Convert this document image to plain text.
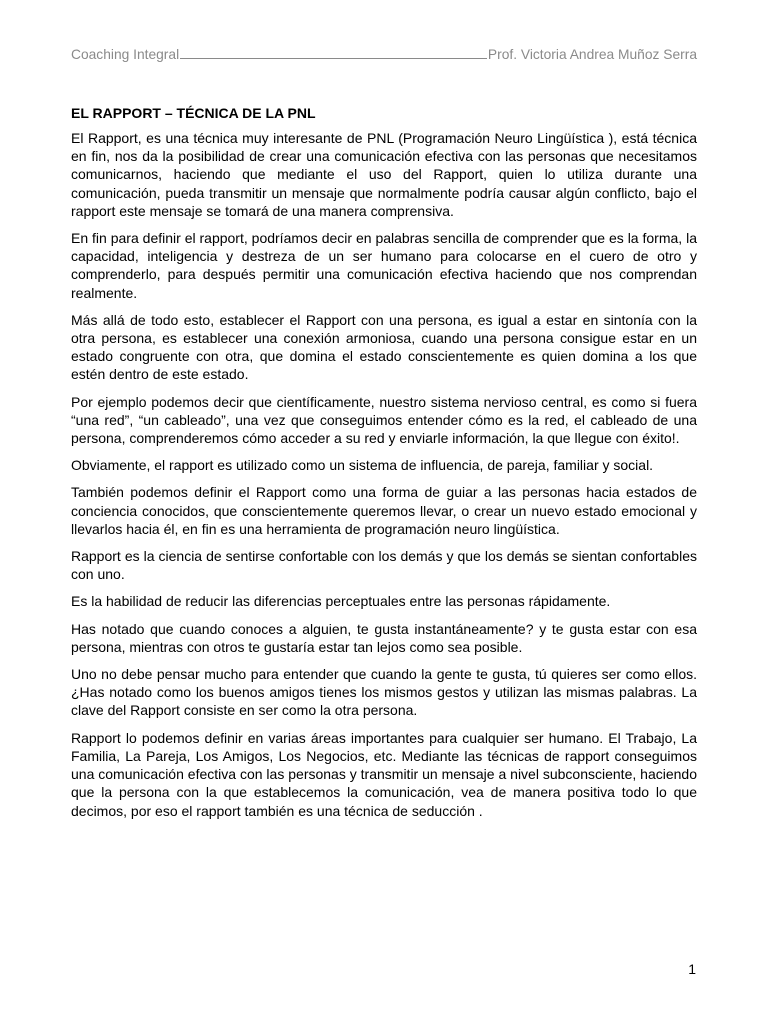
Coaching Integral	Prof. Victoria Andrea Muñoz Serra
EL RAPPORT – TÉCNICA DE LA PNL

El Rapport, es una técnica muy interesante de PNL (Programación Neuro Lingüística ), está técnica en fin, nos da la posibilidad de crear una comunicación efectiva con las personas que necesitamos comunicarnos, haciendo que mediante el uso del Rapport, quien lo utiliza durante una comunicación, pueda transmitir un mensaje que normalmente podría causar algún conflicto, bajo el rapport este mensaje se tomará de una manera comprensiva.

En fin para definir el rapport, podríamos decir en palabras sencilla de comprender que es la forma, la capacidad, inteligencia y destreza de un ser humano para colocarse en el cuero de otro y comprenderlo, para después permitir una comunicación efectiva haciendo que nos comprendan realmente.

Más allá de todo esto, establecer el Rapport con una persona, es igual a estar en sintonía con la otra persona, es establecer una conexión armoniosa, cuando una persona consigue estar en un estado congruente con otra, que domina el estado conscientemente es quien domina a los que estén dentro de este estado.

Por ejemplo podemos decir que científicamente, nuestro sistema nervioso central, es como si fuera “una red”, “un cableado”, una vez que conseguimos entender cómo es la red, el cableado de una persona, comprenderemos cómo acceder a su red y enviarle información, la que llegue con éxito!.

Obviamente, el rapport es utilizado como un sistema de influencia, de pareja, familiar y social.

También podemos definir el Rapport como una forma de guiar a las personas hacia estados de conciencia conocidos, que conscientemente queremos llevar, o crear un nuevo estado emocional y llevarlos hacia él, en fin es una herramienta de programación neuro lingüística.

Rapport es la ciencia de sentirse confortable con los demás y que los demás se sientan confortables con uno.

Es la habilidad de reducir las diferencias perceptuales entre las personas rápidamente.

Has notado que cuando conoces a alguien, te gusta instantáneamente? y te gusta estar con esa persona, mientras con otros te gustaría estar tan lejos como sea posible.

Uno no debe pensar mucho para entender que cuando la gente te gusta, tú quieres ser como ellos. ¿Has notado como los buenos amigos tienes los mismos gestos y utilizan las mismas palabras. La clave del Rapport consiste en ser como la otra persona.

Rapport lo podemos definir en varias áreas importantes para cualquier ser humano. El Trabajo, La Familia, La Pareja, Los Amigos, Los Negocios, etc. Mediante las técnicas de rapport conseguimos una comunicación efectiva con las personas y transmitir un mensaje a nivel subconsciente, haciendo que la persona con la que establecemos la comunicación, vea de manera positiva todo lo que decimos, por eso el rapport también es una técnica de seducción .

1
